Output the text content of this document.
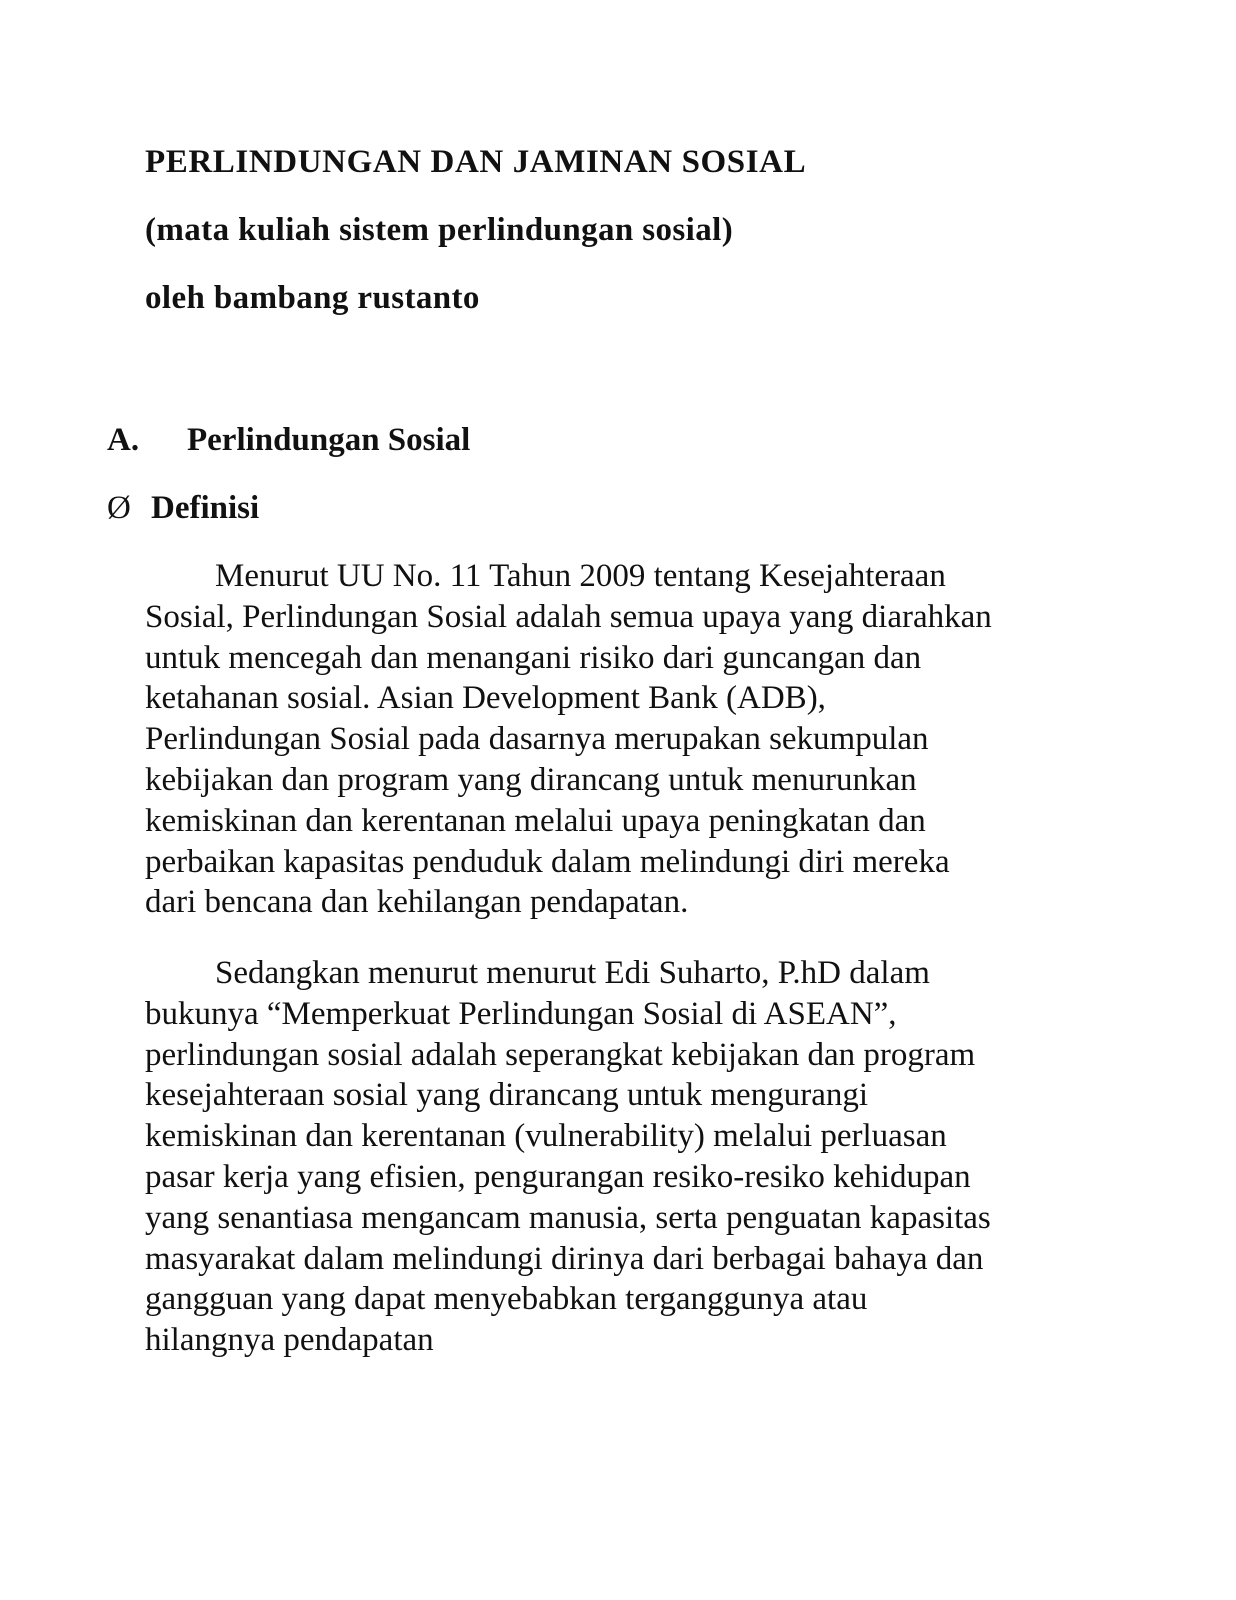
PERLINDUNGAN DAN JAMINAN SOSIAL

(mata kuliah sistem perlindungan sosial)

oleh bambang rustanto

A. Perlindungan Sosial
Ø Definisi
Menurut UU No. 11 Tahun 2009 tentang Kesejahteraan
Sosial, Perlindungan Sosial adalah semua upaya yang diarahkan
untuk mencegah dan menangani risiko dari guncangan dan
ketahanan sosial. Asian Development Bank (ADB),
Perlindungan Sosial pada dasarnya merupakan sekumpulan
kebijakan dan program yang dirancang untuk menurunkan
kemiskinan dan kerentanan melalui upaya peningkatan dan
perbaikan kapasitas penduduk dalam melindungi diri mereka
dari bencana dan kehilangan pendapatan.
Sedangkan menurut menurut Edi Suharto, P.hD dalam
bukunya “Memperkuat Perlindungan Sosial di ASEAN”,
perlindungan sosial adalah seperangkat kebijakan dan program
kesejahteraan sosial yang dirancang untuk mengurangi
kemiskinan dan kerentanan (vulnerability) melalui perluasan
pasar kerja yang efisien, pengurangan resiko-resiko kehidupan
yang senantiasa mengancam manusia, serta penguatan kapasitas
masyarakat dalam melindungi dirinya dari berbagai bahaya dan
gangguan yang dapat menyebabkan terganggunya atau
hilangnya pendapatan
